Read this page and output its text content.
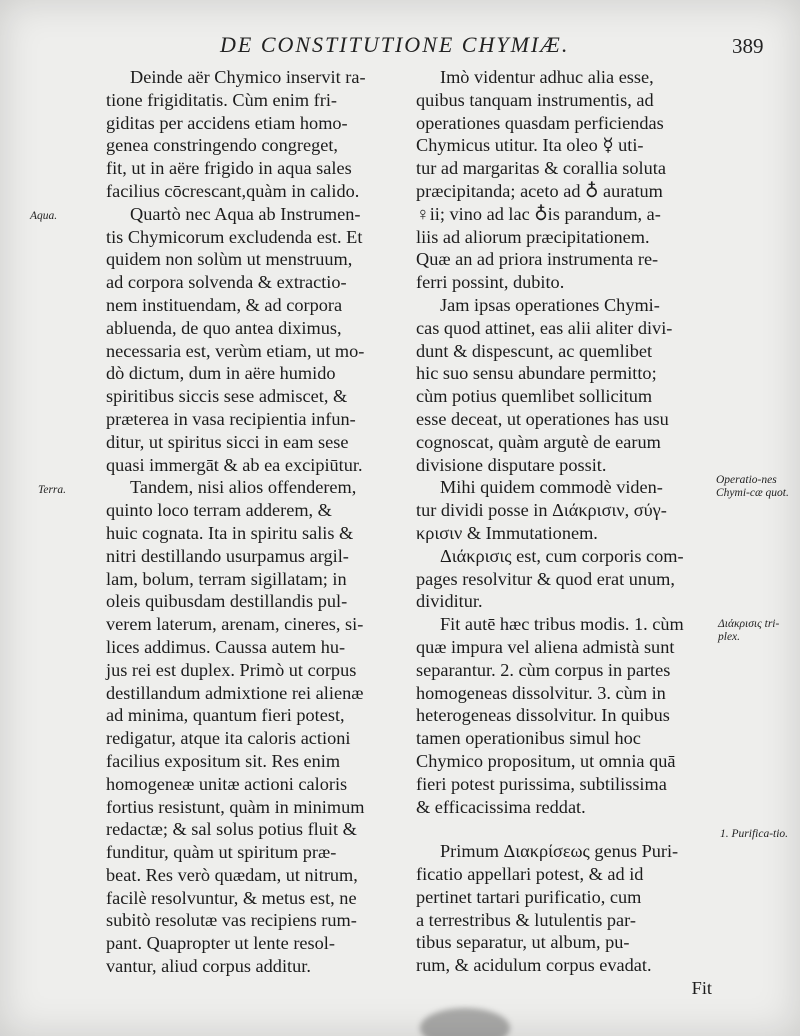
DE CONSTITUTIONE CHYMIÆ.	389
Aqua.
Terra.
Operatio-nes Chymi-cæ quot.
Διάκρισις tri-plex.
1. Purifica-tio.
Deinde aër Chymico inservit ra-
tione frigiditatis. Cùm enim fri-
giditas per accidens etiam homo-
genea constringendo congreget,
fit, ut in aëre frigido in aqua sales
facilius cōcrescant,quàm in calido.
Quartò nec Aqua ab Instrumen-
tis Chymicorum excludenda est. Et
quidem non solùm ut menstruum,
ad corpora solvenda & extractio-
nem instituendam, & ad corpora
abluenda, de quo antea diximus,
necessaria est, verùm etiam, ut mo-
dò dictum, dum in aëre humido
spiritibus siccis sese admiscet, &
præterea in vasa recipientia infun-
ditur, ut spiritus sicci in eam sese
quasi immergāt & ab ea excipiūtur.
Tandem, nisi alios offenderem,
quinto loco terram adderem, &
huic cognata. Ita in spiritu salis &
nitri destillando usurpamus argil-
lam, bolum, terram sigillatam; in
oleis quibusdam destillandis pul-
verem laterum, arenam, cineres, si-
lices addimus. Caussa autem hu-
jus rei est duplex. Primò ut corpus
destillandum admixtione rei alienæ
ad minima, quantum fieri potest,
redigatur, atque ita caloris actioni
facilius expositum sit. Res enim
homogeneæ unitæ actioni caloris
fortius resistunt, quàm in minimum
redactæ; & sal solus potius fluit &
funditur, quàm ut spiritum præ-
beat. Res verò quædam, ut nitrum,
facilè resolvuntur, & metus est, ne
subitò resolutæ vas recipiens rum-
pant. Quapropter ut lente resol-
vantur, aliud corpus additur.
Imò videntur adhuc alia esse,
quibus tanquam instrumentis, ad
operationes quasdam perficiendas
Chymicus utitur. Ita oleo ☿ uti-
tur ad margaritas & corallia soluta
præcipitanda; aceto ad ♁ auratum
♀ii; vino ad lac ♁is parandum, a-
liis ad aliorum præcipitationem.
Quæ an ad priora instrumenta re-
ferri possint, dubito.
Jam ipsas operationes Chymi-
cas quod attinet, eas alii aliter divi-
dunt & dispescunt, ac quemlibet
hic suo sensu abundare permitto;
cùm potius quemlibet sollicitum
esse deceat, ut operationes has usu
cognoscat, quàm argutè de earum
divisione disputare possit.
Mihi quidem commodè viden-
tur dividi posse in Διάκρισιν, σύγ-
κρισιν & Immutationem.
Διάκρισις est, cum corporis com-
pages resolvitur & quod erat unum,
dividitur.
Fit autē hæc tribus modis. 1. cùm
quæ impura vel aliena admistà sunt
separantur. 2. cùm corpus in partes
homogeneas dissolvitur. 3. cùm in
heterogeneas dissolvitur. In quibus
tamen operationibus simul hoc
Chymico propositum, ut omnia quā
fieri potest purissima, subtilissima
& efficacissima reddat.
Primum Διακρίσεως genus Puri-
ficatio appellari potest, & ad id
pertinet tartari purificatio, cum
a terrestribus & lutulentis par-
tibus separatur, ut album, pu-
rum, & acidulum corpus evadat.
Fit
